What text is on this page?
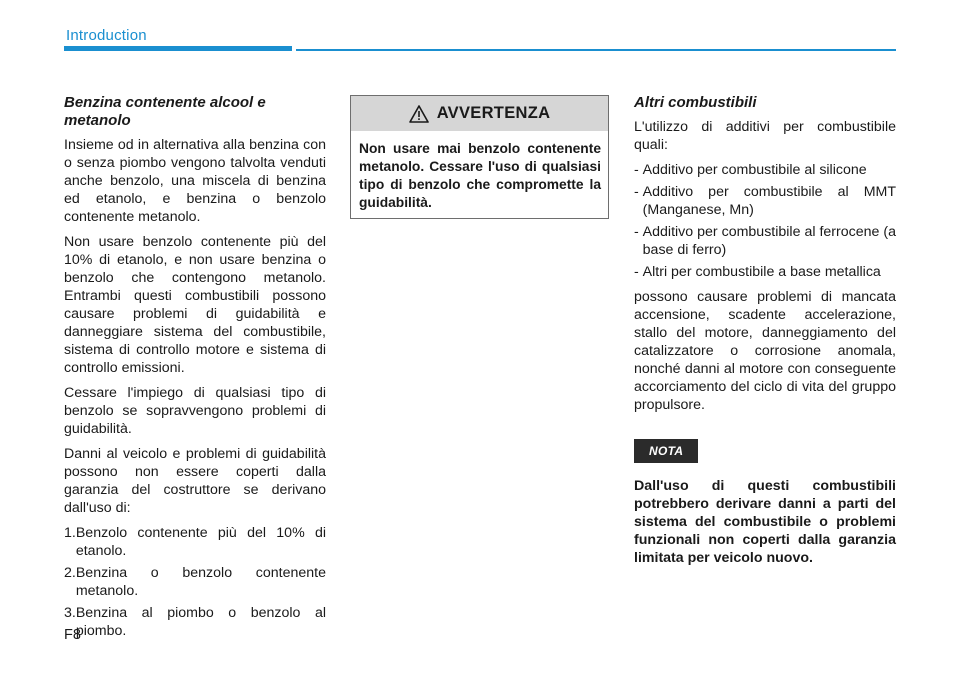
Introduction
Benzina contenente alcool e metanolo

Insieme od in alternativa alla benzina con o senza piombo vengono talvolta venduti anche benzolo, una miscela di benzina ed etanolo, e benzina o benzolo contenente metanolo.

Non usare benzolo contenente più del 10% di etanolo, e non usare benzina o benzolo che contengono metanolo. Entrambi questi combustibili possono causare problemi di guidabilità e danneggiare sistema del combustibile, sistema di controllo motore e sistema di controllo emissioni.

Cessare l'impiego di qualsiasi tipo di benzolo se sopravvengono problemi di guidabilità.

Danni al veicolo e problemi di guidabilità possono non essere coperti dalla garanzia del costruttore se derivano dall'uso di:

1. Benzolo contenente più del 10% di etanolo.
2. Benzina o benzolo contenente metanolo.
3. Benzina al piombo o benzolo al piombo.
AVVERTENZA
Non usare mai benzolo contenente metanolo. Cessare l'uso di qualsiasi tipo di benzolo che compromette la guidabilità.
Altri combustibili

L'utilizzo di additivi per combustibile quali:

- Additivo per combustibile al silicone
- Additivo per combustibile al MMT (Manganese, Mn)
- Additivo per combustibile al ferrocene (a base di ferro)
- Altri per combustibile a base metallica

possono causare problemi di mancata accensione, scadente accelerazione, stallo del motore, danneggiamento del catalizzatore o corrosione anomala, nonché danni al motore con conseguente accorciamento del ciclo di vita del gruppo propulsore.

NOTA

Dall'uso di questi combustibili potrebbero derivare danni a parti del sistema del combustibile o problemi funzionali non coperti dalla garanzia limitata per veicolo nuovo.

F8
